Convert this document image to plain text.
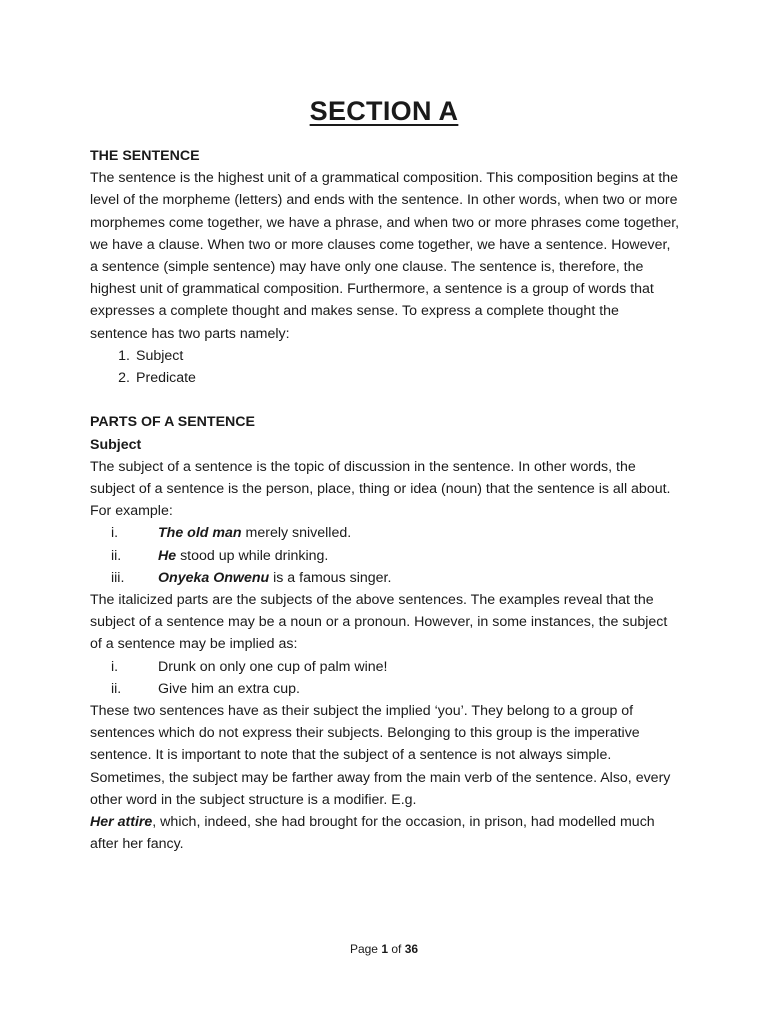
SECTION A

THE SENTENCE

The sentence is the highest unit of a grammatical composition. This composition begins at the level of the morpheme (letters) and ends with the sentence. In other words, when two or more morphemes come together, we have a phrase, and when two or more phrases come together, we have a clause. When two or more clauses come together, we have a sentence. However, a sentence (simple sentence) may have only one clause. The sentence is, therefore, the highest unit of grammatical composition. Furthermore, a sentence is a group of words that expresses a complete thought and makes sense. To express a complete thought the sentence has two parts namely:

1. Subject
2. Predicate

PARTS OF A SENTENCE

Subject

The subject of a sentence is the topic of discussion in the sentence. In other words, the subject of a sentence is the person, place, thing or idea (noun) that the sentence is all about. For example:

i.	The old man merely snivelled.
ii.	He stood up while drinking.
iii.	Onyeka Onwenu is a famous singer.

The italicized parts are the subjects of the above sentences. The examples reveal that the subject of a sentence may be a noun or a pronoun. However, in some instances, the subject of a sentence may be implied as:

i.	Drunk on only one cup of palm wine!
ii.	Give him an extra cup.

These two sentences have as their subject the implied ‘you’. They belong to a group of sentences which do not express their subjects. Belonging to this group is the imperative sentence. It is important to note that the subject of a sentence is not always simple. Sometimes, the subject may be farther away from the main verb of the sentence. Also, every other word in the subject structure is a modifier. E.g.

Her attire, which, indeed, she had brought for the occasion, in prison, had modelled much after her fancy.

Page 1 of 36
